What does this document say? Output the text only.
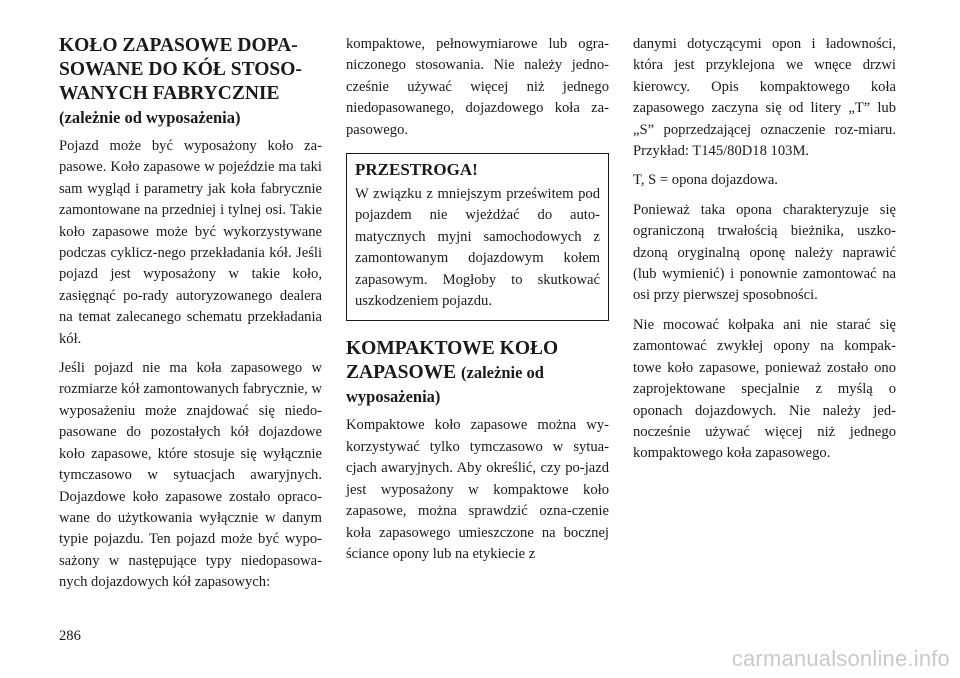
KOŁO ZAPASOWE DOPA-
SOWANE DO KÓŁ STOSO-
WANYCH FABRYCZNIE
(zależnie od wyposażenia)

Pojazd może być wyposażony koło za-pasowe. Koło zapasowe w pojeździe ma taki sam wygląd i parametry jak koła fabrycznie zamontowane na przedniej i tylnej osi. Takie koło zapasowe może być wykorzystywane podczas cyklicz-nego przekładania kół. Jeśli pojazd jest wyposażony w takie koło, zasięgnąć po-rady autoryzowanego dealera na temat zalecanego schematu przekładania kół.

Jeśli pojazd nie ma koła zapasowego w rozmiarze kół zamontowanych fabrycznie, w wyposażeniu może znajdować się niedo-pasowane do pozostałych kół dojazdowe koło zapasowe, które stosuje się wyłącznie tymczasowo w sytuacjach awaryjnych. Dojazdowe koło zapasowe zostało opraco-wane do użytkowania wyłącznie w danym typie pojazdu. Ten pojazd może być wypo-sażony w następujące typy niedopasowa-nych dojazdowych kół zapasowych:

kompaktowe, pełnowymiarowe lub ogra-niczonego stosowania. Nie należy jedno-cześnie używać więcej niż jednego niedopasowanego, dojazdowego koła za-pasowego.

PRZESTROGA!

W związku z mniejszym prześwitem pod pojazdem nie wjeżdżać do auto-matycznych myjni samochodowych z zamontowanym dojazdowym kołem zapasowym. Mogłoby to skutkować uszkodzeniem pojazdu.

KOMPAKTOWE KOŁO
ZAPASOWE (zależnie od
wyposażenia)

Kompaktowe koło zapasowe można wy-korzystywać tylko tymczasowo w sytua-cjach awaryjnych. Aby określić, czy po-jazd jest wyposażony w kompaktowe koło zapasowe, można sprawdzić ozna-czenie koła zapasowego umieszczone na bocznej ściance opony lub na etykiecie z

danymi dotyczącymi opon i ładowności, która jest przyklejona we wnęce drzwi kierowcy. Opis kompaktowego koła zapasowego zaczyna się od litery „T” lub „S” poprzedzającej oznaczenie roz-miaru. Przykład: T145/80D18 103M.

T, S = opona dojazdowa.

Ponieważ taka opona charakteryzuje się ograniczoną trwałością bieżnika, uszko-dzoną oryginalną oponę należy naprawić (lub wymienić) i ponownie zamontować na osi przy pierwszej sposobności.

Nie mocować kołpaka ani nie starać się zamontować zwykłej opony na kompak-towe koło zapasowe, ponieważ zostało ono zaprojektowane specjalnie z myślą o oponach dojazdowych. Nie należy jed-nocześnie używać więcej niż jednego kompaktowego koła zapasowego.

286
carmanualsonline.info
